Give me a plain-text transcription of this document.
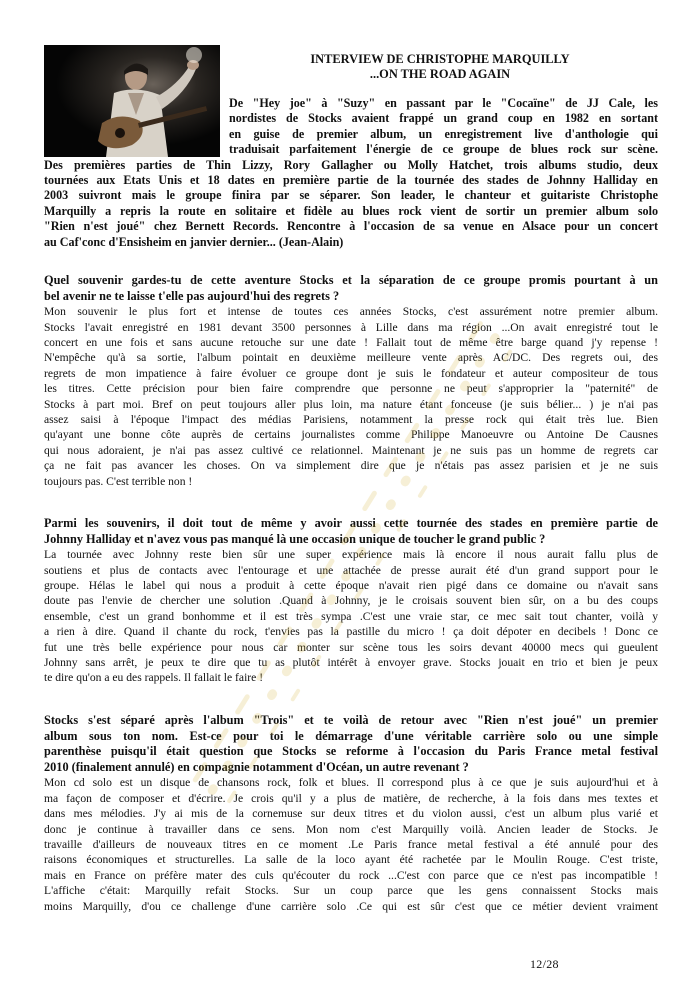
INTERVIEW DE CHRISTOPHE MARQUILLY
...ON THE ROAD AGAIN
De "Hey joe" à "Suzy" en passant par le "Cocaïne" de JJ Cale, les
nordistes de Stocks avaient frappé un grand coup en 1982 en sortant
en guise de premier album, un enregistrement live d'anthologie qui
traduisait parfaitement l'énergie de ce groupe de blues rock sur scène.
Des premières parties de Thin Lizzy, Rory Gallagher ou Molly Hatchet, trois albums studio, deux
tournées aux Etats Unis et 18 dates en première partie de la tournée des stades de Johnny Halliday en
2003 suivront mais le groupe finira par se séparer. Son leader, le chanteur et guitariste Christophe
Marquilly a repris la route en solitaire et fidèle au blues rock vient de sortir un premier album solo
"Rien n'est joué" chez Bernett Records. Rencontre à l'occasion de sa venue en Alsace pour un concert
au Caf'conc d'Ensisheim en janvier dernier... (Jean-Alain)
Quel souvenir gardes-tu de cette aventure Stocks et la séparation de ce groupe promis pourtant à un
bel avenir ne te laisse t'elle pas aujourd'hui des regrets ?
Mon souvenir le plus fort et intense de toutes ces années Stocks, c'est assurément notre premier album.
Stocks l'avait enregistré en 1981 devant 3500 personnes à Lille dans ma région ...On avait enregistré tout le
concert en une fois et sans aucune retouche sur une date ! Fallait tout de même être barge quand j'y repense !
N'empêche qu'à sa sortie, l'album pointait en deuxième meilleure vente après AC/DC. Des regrets oui, des
regrets de mon impatience à faire évoluer ce groupe dont je suis le fondateur et auteur compositeur de tous
les titres. Cette précision pour bien faire comprendre que personne ne peut s'approprier la "paternité" de
Stocks à part moi. Bref on peut toujours aller plus loin, ma nature étant fonceuse (je suis bélier... ) je n'ai pas
assez saisi à l'époque l'impact des médias Parisiens, notamment la presse rock qui était très lue. Bien
qu'ayant une bonne côte auprès de certains journalistes comme Philippe Manoeuvre ou Antoine De Causnes
qui nous adoraient, je n'ai pas assez cultivé ce relationnel. Maintenant je ne suis pas un homme de regrets car
ça ne fait pas avancer les choses. On va simplement dire que je n'étais pas assez parisien et je ne suis
toujours pas. C'est terrible non !
Parmi les souvenirs, il doit tout de même y avoir aussi cette tournée des stades en première partie de
Johnny Halliday et n'avez vous pas manqué là une occasion unique de toucher le grand public ?
La tournée avec Johnny reste bien sûr une super expérience mais là encore il nous aurait fallu plus de
soutiens et plus de contacts avec l'entourage et une attachée de presse aurait été d'un grand support pour le
groupe. Hélas le label qui nous a produit à cette époque n'avait rien pigé dans ce domaine ou n'avait sans
doute pas l'envie de chercher une solution .Quand à Johnny, je le croisais souvent bien sûr, on a bu des coups
ensemble, c'est un grand bonhomme et il est très sympa .C'est une vraie star, ce mec sait tout chanter, voilà y
a rien à dire. Quand il chante du rock, t'envies pas la pastille du micro ! ça doit dépoter en decibels ! Donc ce
fut une très belle expérience pour nous car monter sur scène tous les soirs devant 40000 mecs qui gueulent
Johnny sans arrêt, je peux te dire que tu as plutôt intérêt à envoyer grave. Stocks jouait en trio et bien je peux
te dire qu'on a eu des rappels. Il fallait le faire !
Stocks s'est séparé après l'album "Trois" et te voilà de retour avec "Rien n'est joué" un premier
album sous ton nom. Est-ce pour toi le démarrage d'une véritable carrière solo ou une simple
parenthèse puisqu'il était question que Stocks se reforme à l'occasion du Paris France metal festival
2010 (finalement annulé) en compagnie notamment d'Océan, un autre revenant ?
Mon cd solo est un disque de chansons rock, folk et blues. Il correspond plus à ce que je suis aujourd'hui et à
ma façon de composer et d'écrire. Je crois qu'il y a plus de matière, de recherche, à la fois dans mes textes et
dans mes mélodies. J'y ai mis de la cornemuse sur deux titres et du violon aussi, c'est un album plus varié et
donc je continue à travailler dans ce sens. Mon nom c'est Marquilly voilà. Ancien leader de Stocks. Je
travaille d'ailleurs de nouveaux titres en ce moment .Le Paris france metal festival a été annulé pour des
raisons économiques et structurelles. La salle de la loco ayant été rachetée par le Moulin Rouge. C'est triste,
mais en France on préfère mater des culs qu'écouter du rock ...C'est con parce que ce n'est pas incompatible !
L'affiche c'était: Marquilly refait Stocks. Sur un coup parce que les gens connaissent Stocks mais
moins Marquilly, d'ou ce challenge d'une carrière solo .Ce qui est sûr c'est que ce métier devient vraiment
12/28
